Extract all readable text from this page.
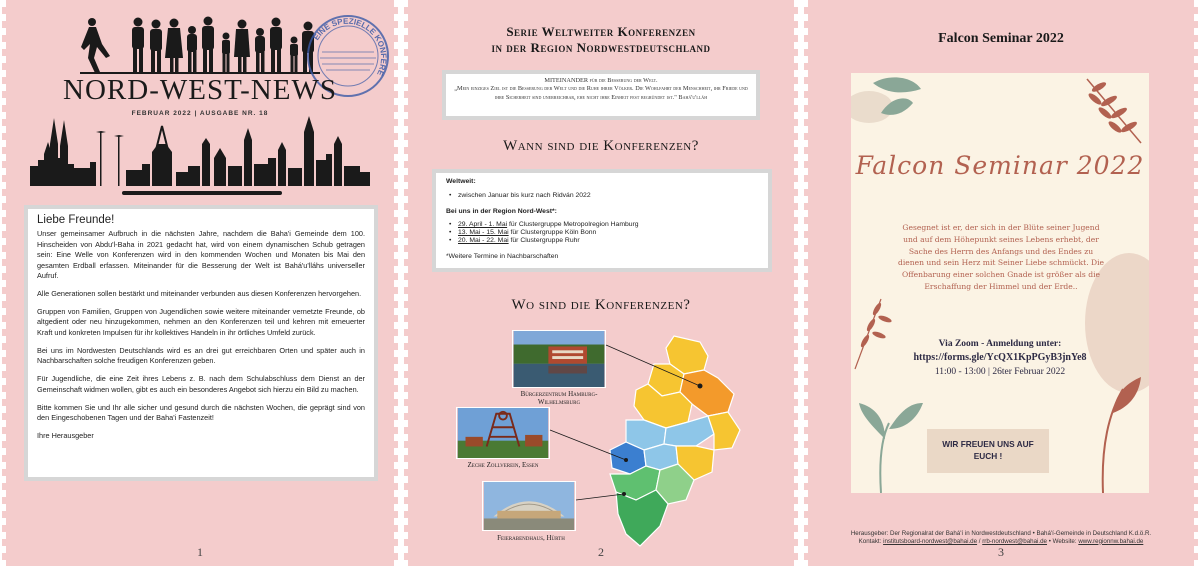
EINE SPEZIELLE KONFERENZ-AUSGABE!
NORD-WEST-NEWS
FEBRUAR 2022 | AUSGABE NR. 18
Liebe Freunde!

Unser gemeinsamer Aufbruch in die nächsten Jahre, nachdem die Baha'i Gemeinde dem 100. Hinscheiden von Abdu'l-Baha in 2021 gedacht hat, wird von einem dynamischen Schub getragen sein: Eine Welle von Konferenzen wird in den kommenden Wochen und Monaten bis Mai den gesamten Erdball erfassen. Miteinander für die Besserung der Welt ist Bahá'u'lláhs universeller Aufruf.

Alle Generationen sollen bestärkt und miteinander verbunden aus diesen Konferenzen hervorgehen.

Gruppen von Familien, Gruppen von Jugendlichen sowie weitere miteinander vernetzte Freunde, ob altgedient oder neu hinzugekommen, nehmen an den Konferenzen teil und kehren mit erneuerter Kraft und konkreten Impulsen für ihr kollektives Handeln in ihr örtliches Umfeld zurück.

Bei uns im Nordwesten Deutschlands wird es an drei gut erreichbaren Orten und später auch in Nachbarschaften solche freudigen Konferenzen geben.

Für Jugendliche, die eine Zeit ihres Lebens z. B. nach dem Schulabschluss dem Dienst an der Gemeinschaft widmen wollen, gibt es auch ein besonderes Angebot sich hierzu ein Bild zu machen.

Bitte kommen Sie und Ihr alle sicher und gesund durch die nächsten Wochen, die geprägt sind von den Eingeschobenen Tagen und der Baha'i Fastenzeit!

Ihre Herausgeber

1
Serie Weltweiter Konferenzen
in der Region Nordwestdeutschland
MITEINANDER für die Besserung der Welt.
„Mein einziges Ziel ist die Besserung der Welt und die Ruhe ihrer Völker. Die Wohlfahrt der Menschheit, ihr Friede und ihre Sicherheit sind unerreichbar, ehe nicht ihre Einheit fest begründet ist." Bahá'u'lláh
Wann sind die Konferenzen?
Weltweit:
• zwischen Januar bis kurz nach Ridván 2022
Bei uns in der Region Nord-West*:
• 29. April - 1. Mai für Clustergruppe Metropolregion Hamburg
• 13. Mai - 15. Mai für Clustergruppe Köln Bonn
• 20. Mai - 22. Mai für Clustergruppe Ruhr
*Weitere Termine in Nachbarschaften
Wo sind die Konferenzen?
Bürgerzentrum Hamburg-Wilhelmsburg
Zeche Zollverein, Essen
Feierabendhaus, Hürth
2
Falcon Seminar 2022
Falcon Seminar 2022
Gesegnet ist er, der sich in der Blüte seiner Jugend und auf dem Höhepunkt seines Lebens erhebt, der Sache des Herrn des Anfangs und des Endes zu dienen und sein Herz mit Seiner Liebe schmückt. Die Offenbarung einer solchen Gnade ist größer als die Erschaffung der Himmel und der Erde..
Via Zoom - Anmeldung unter:
https://forms.gle/YcQX1KpPGyB3jnYe8
11:00 - 13:00 | 26ter Februar 2022
WIR FREUEN UNS AUF
EUCH !
Herausgeber: Der Regionalrat der Bahá'í in Nordwestdeutschland • Bahá'í-Gemeinde in Deutschland K.d.ö.R.
Kontakt: institutsboard-nordwest@bahai.de / rrb-nordwest@bahai.de • Website: www.regionnw.bahai.de
3
